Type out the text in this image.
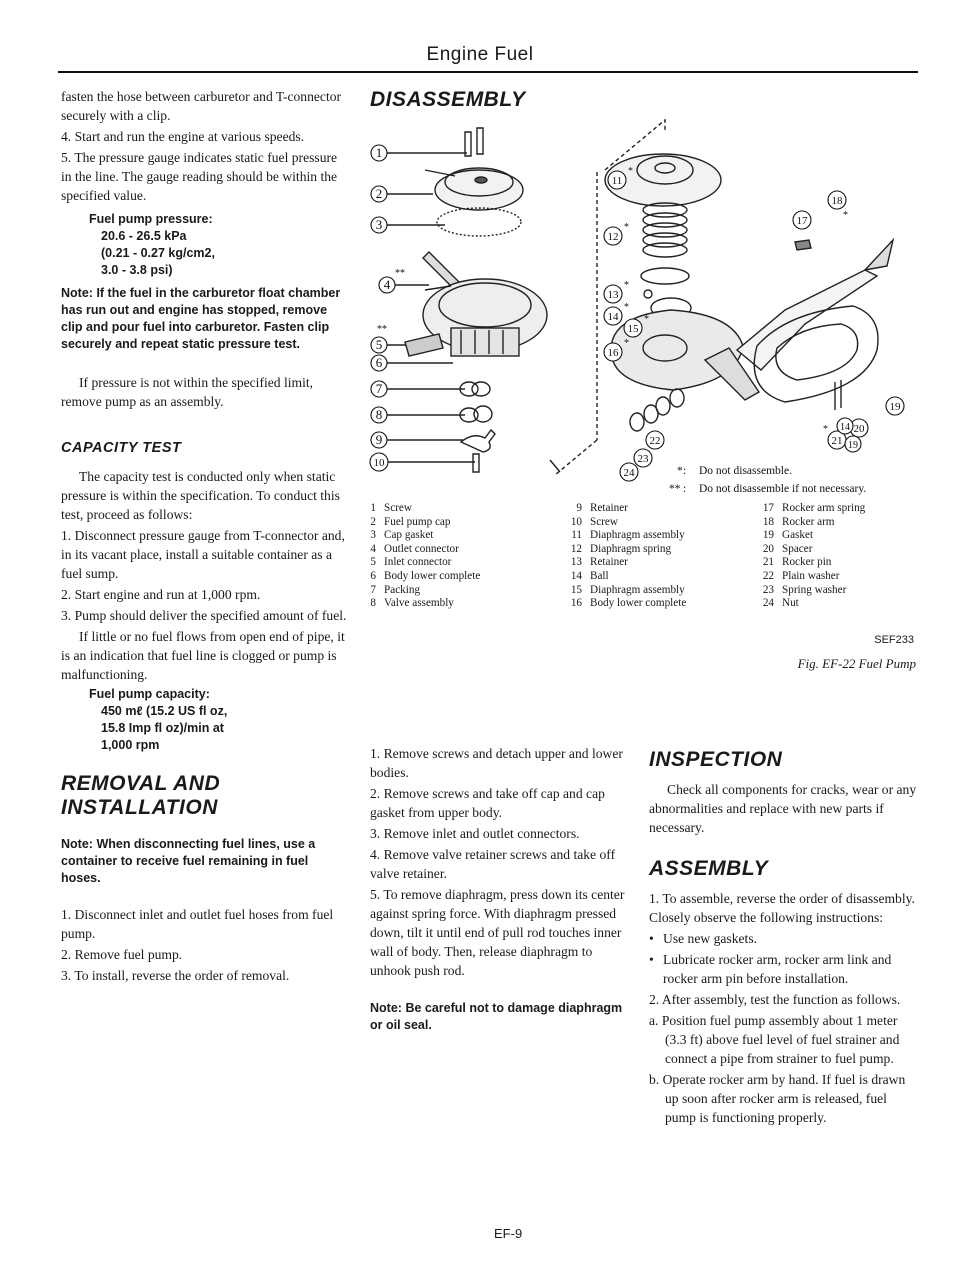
Engine Fuel

fasten the hose between carburetor and T-connector securely with a clip.

4. Start and run the engine at various speeds.

5. The pressure gauge indicates static fuel pressure in the line. The gauge reading should be within the specified value.

Fuel pump pressure:
20.6 - 26.5 kPa
(0.21 - 0.27 kg/cm2,
3.0 - 3.8 psi)
Note: If the fuel in the carburetor float chamber has run out and engine has stopped, remove clip and pour fuel into carburetor. Fasten clip securely and repeat static pressure test.

If pressure is not within the specified limit, remove pump as an assembly.

CAPACITY TEST

The capacity test is conducted only when static pressure is within the specification. To conduct this test, proceed as follows:

1. Disconnect pressure gauge from T-connector and, in its vacant place, install a suitable container as a fuel sump.

2. Start engine and run at 1,000 rpm.

3. Pump should deliver the specified amount of fuel.

If little or no fuel flows from open end of pipe, it is an indication that fuel line is clogged or pump is malfunctioning.

Fuel pump capacity:
450 mℓ (15.2 US fl oz,
15.8 Imp fl oz)/min at
1,000 rpm
REMOVAL AND
INSTALLATION
Note: When disconnecting fuel lines, use a container to receive fuel remaining in fuel hoses.

1. Disconnect inlet and outlet fuel hoses from fuel pump.

2. Remove fuel pump.

3. To install, reverse the order of removal.

DISASSEMBLY
1
2
3
4
**
5
**
6
7
8
9
10
11
*
12
*
13
*
14
*
15
*
16
*
17
18
*
19
20
21
*
22
23
24
14
19
* : Do not disassemble.
** : Do not disassemble if not necessary.
1 Screw
2 Fuel pump cap
3 Cap gasket
4 Outlet connector
5 Inlet connector
6 Body lower complete
7 Packing
8 Valve assembly
9 Retainer
10 Screw
11 Diaphragm assembly
12 Diaphragm spring
13 Retainer
14 Ball
15 Diaphragm assembly
16 Body lower complete
17 Rocker arm spring
18 Rocker arm
19 Gasket
20 Spacer
21 Rocker pin
22 Plain washer
23 Spring washer
24 Nut
SEF233
Fig. EF-22 Fuel Pump

1. Remove screws and detach upper and lower bodies.

2. Remove screws and take off cap and cap gasket from upper body.

3. Remove inlet and outlet connectors.

4. Remove valve retainer screws and take off valve retainer.

5. To remove diaphragm, press down its center against spring force. With diaphragm pressed down, tilt it until end of pull rod touches inner wall of body. Then, release diaphragm to unhook push rod.

Note: Be careful not to damage diaphragm or oil seal.
INSPECTION

Check all components for cracks, wear or any abnormalities and replace with new parts if necessary.

ASSEMBLY

1. To assemble, reverse the order of disassembly. Closely observe the following instructions:

• Use new gaskets.

• Lubricate rocker arm, rocker arm link and rocker arm pin before installation.

2. After assembly, test the function as follows.

a. Position fuel pump assembly about 1 meter (3.3 ft) above fuel level of fuel strainer and connect a pipe from strainer to fuel pump.

b. Operate rocker arm by hand. If fuel is drawn up soon after rocker arm is released, fuel pump is functioning properly.

EF-9
